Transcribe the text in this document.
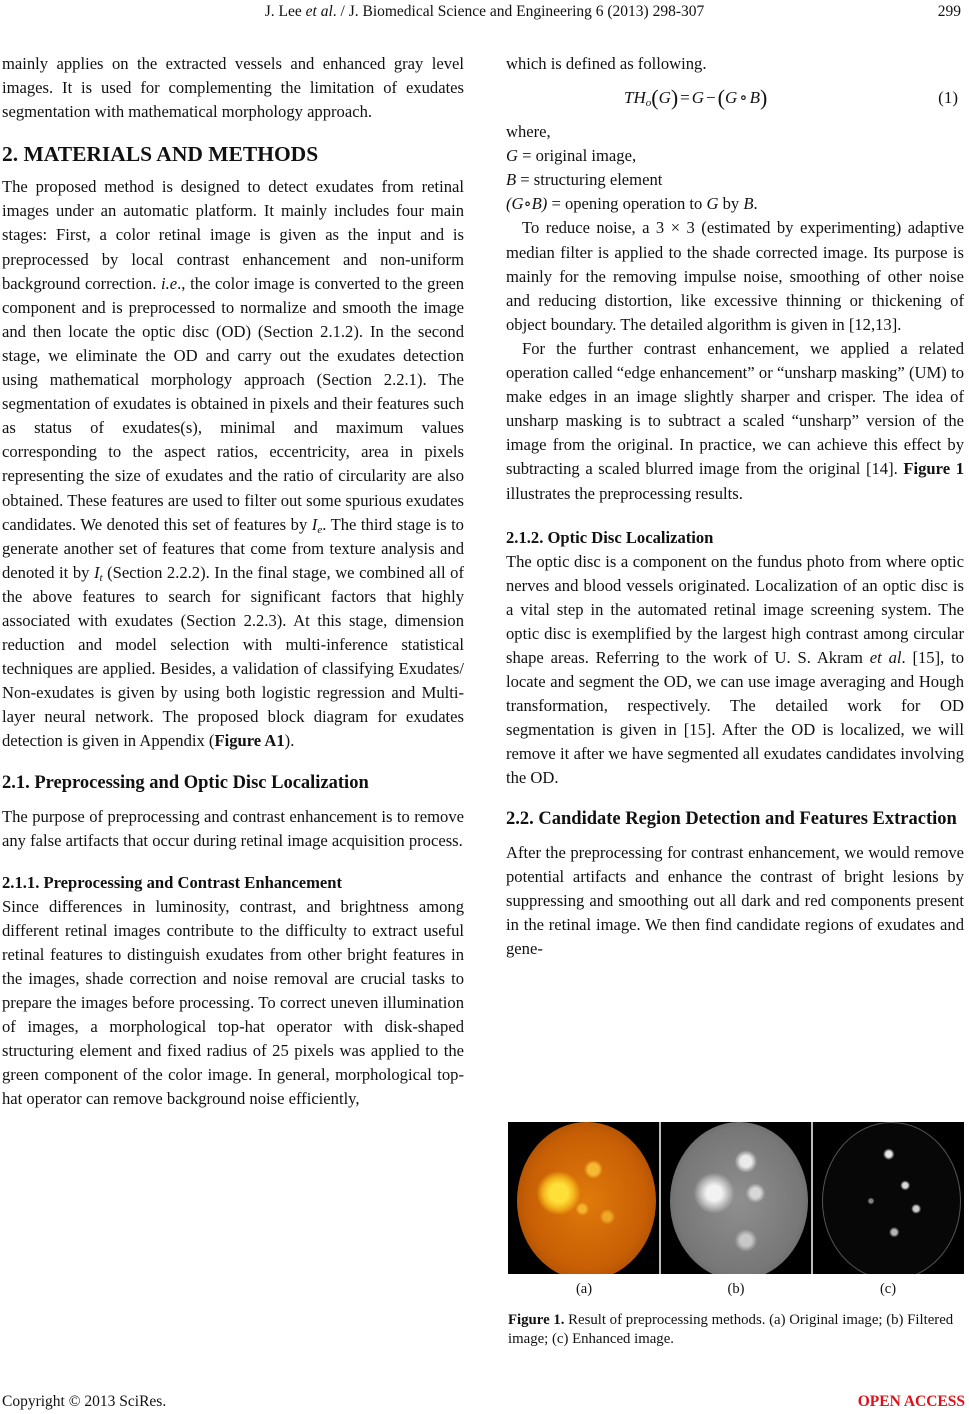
J. Lee et al. / J. Biomedical Science and Engineering 6 (2013) 298-307	299

mainly applies on the extracted vessels and enhanced gray level images. It is used for complementing the limitation of exudates segmentation with mathematical morphology approach.

2. MATERIALS AND METHODS

The proposed method is designed to detect exudates from retinal images under an automatic platform. It mainly includes four main stages: First, a color retinal image is given as the input and is preprocessed by local contrast enhancement and non-uniform background correction. i.e., the color image is converted to the green component and is preprocessed to normalize and smooth the image and then locate the optic disc (OD) (Section 2.1.2). In the second stage, we eliminate the OD and carry out the exudates detection using mathematical morphology approach (Section 2.2.1). The segmentation of exudates is obtained in pixels and their features such as status of exudates(s), minimal and maximum values corresponding to the aspect ratios, eccentricity, area in pixels representing the size of exudates and the ratio of circularity are also obtained. These features are used to filter out some spurious exudates candidates. We denoted this set of features by $I_e$. The third stage is to generate another set of features that come from texture analysis and denoted it by $I_t$ (Section 2.2.2). In the final stage, we combined all of the above features to search for significant factors that highly associated with exudates (Section 2.2.3). At this stage, dimension reduction and model selection with multi-inference statistical techniques are applied. Besides, a validation of classifying Exudates/ Non-exudates is given by using both logistic regression and Multi-layer neural network. The proposed block diagram for exudates detection is given in Appendix (Figure A1).

2.1. Preprocessing and Optic Disc Localization

The purpose of preprocessing and contrast enhancement is to remove any false artifacts that occur during retinal image acquisition process.

2.1.1. Preprocessing and Contrast Enhancement

Since differences in luminosity, contrast, and brightness among different retinal images contribute to the difficulty to extract useful retinal features to distinguish exudates from other bright features in the images, shade correction and noise removal are crucial tasks to prepare the images before processing. To correct uneven illumination of images, a morphological top-hat operator with disk-shaped structuring element and fixed radius of 25 pixels was applied to the green component of the color image. In general, morphological top-hat operator can remove background noise efficiently,

which is defined as following.

$TH_o(G) = G -(G$ ∘ B)	(1)

where,

G = original image,

B = structuring element

(G∘B) = opening operation to G by B.

To reduce noise, a 3 × 3 (estimated by experimenting) adaptive median filter is applied to the shade corrected image. Its purpose is mainly for the removing impulse noise, smoothing of other noise and reducing distortion, like excessive thinning or thickening of object boundary. The detailed algorithm is given in [12,13].

For the further contrast enhancement, we applied a related operation called “edge enhancement” or “unsharp masking” (UM) to make edges in an image slightly sharper and crisper. The idea of unsharp masking is to subtract a scaled “unsharp” version of the image from the original. In practice, we can achieve this effect by subtracting a scaled blurred image from the original [14]. Figure 1 illustrates the preprocessing results.

2.1.2. Optic Disc Localization

The optic disc is a component on the fundus photo from where optic nerves and blood vessels originated. Localization of an optic disc is a vital step in the automated retinal image screening system. The optic disc is exemplified by the largest high contrast among circular shape areas. Referring to the work of U. S. Akram et al. [15], to locate and segment the OD, we can use image averaging and Hough transformation, respectively. The detailed work for OD segmentation is given in [15]. After the OD is localized, we will remove it after we have segmented all exudates candidates involving the OD.

2.2. Candidate Region Detection and Features Extraction

After the preprocessing for contrast enhancement, we would remove potential artifacts and enhance the contrast of bright lesions by suppressing and smoothing out all dark and red components present in the retinal image. We then find candidate regions of exudates and gene-

(a)	(b)	(c)

Figure 1. Result of preprocessing methods. (a) Original image; (b) Filtered image; (c) Enhanced image.

Copyright © 2013 SciRes.	OPEN ACCESS
